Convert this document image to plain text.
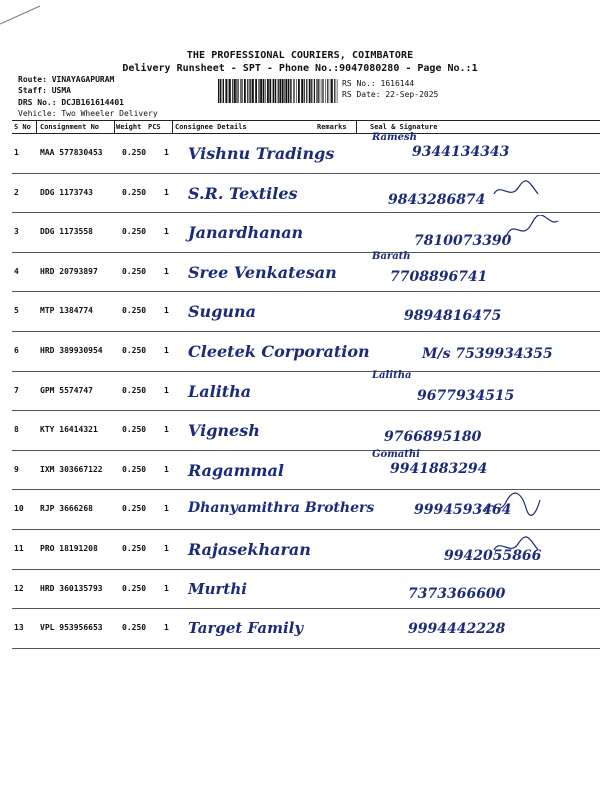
THE PROFESSIONAL COURIERS, COIMBATORE
Delivery Runsheet - SPT - Phone No.:9047080280 - Page No.:1
Route: VINAYAGAPURAM
Staff: USMA
DRS No.: DCJB161614401
Vehicle: Two Wheeler Delivery
RS No.: 1616144
RS Date: 22-Sep-2025
S No Consignment No Weight PCS Consignee Details	Remarks	Seal & Signature
1	MAA 577830453 0.250 1 Vishnu Tradings	9344134343
Ramesh
2	DDG 1173743	0.250 1 S.R. Textiles	9843286874
3	DDG 1173558	0.250 1 Janardhanan	7810073390
4	HRD 20793897	0.250 1 Sree Venkatesan	7708896741
Barath
5	MTP 1384774	0.250 1 Suguna	9894816475
6	HRD 389930954 0.250 1 Cleetek Corporation	M/s 7539934355
7	GPM 5574747	0.250 1 Lalitha	9677934515
Lalitha
8	KTY 16414321	0.250 1 Vignesh	9766895180
9	IXM 303667122 0.250 1 Ragammal	9941883294
Gomathi
10 RJP 3666268	0.250 1 Dhanyamithra Brothers	9994593464
11 PRO 18191208	0.250 1 Rajasekharan	9942055866
12 HRD 360135793 0.250 1 Murthi	7373366600
13 VPL 953956653 0.250 1 Target Family	9994442228
